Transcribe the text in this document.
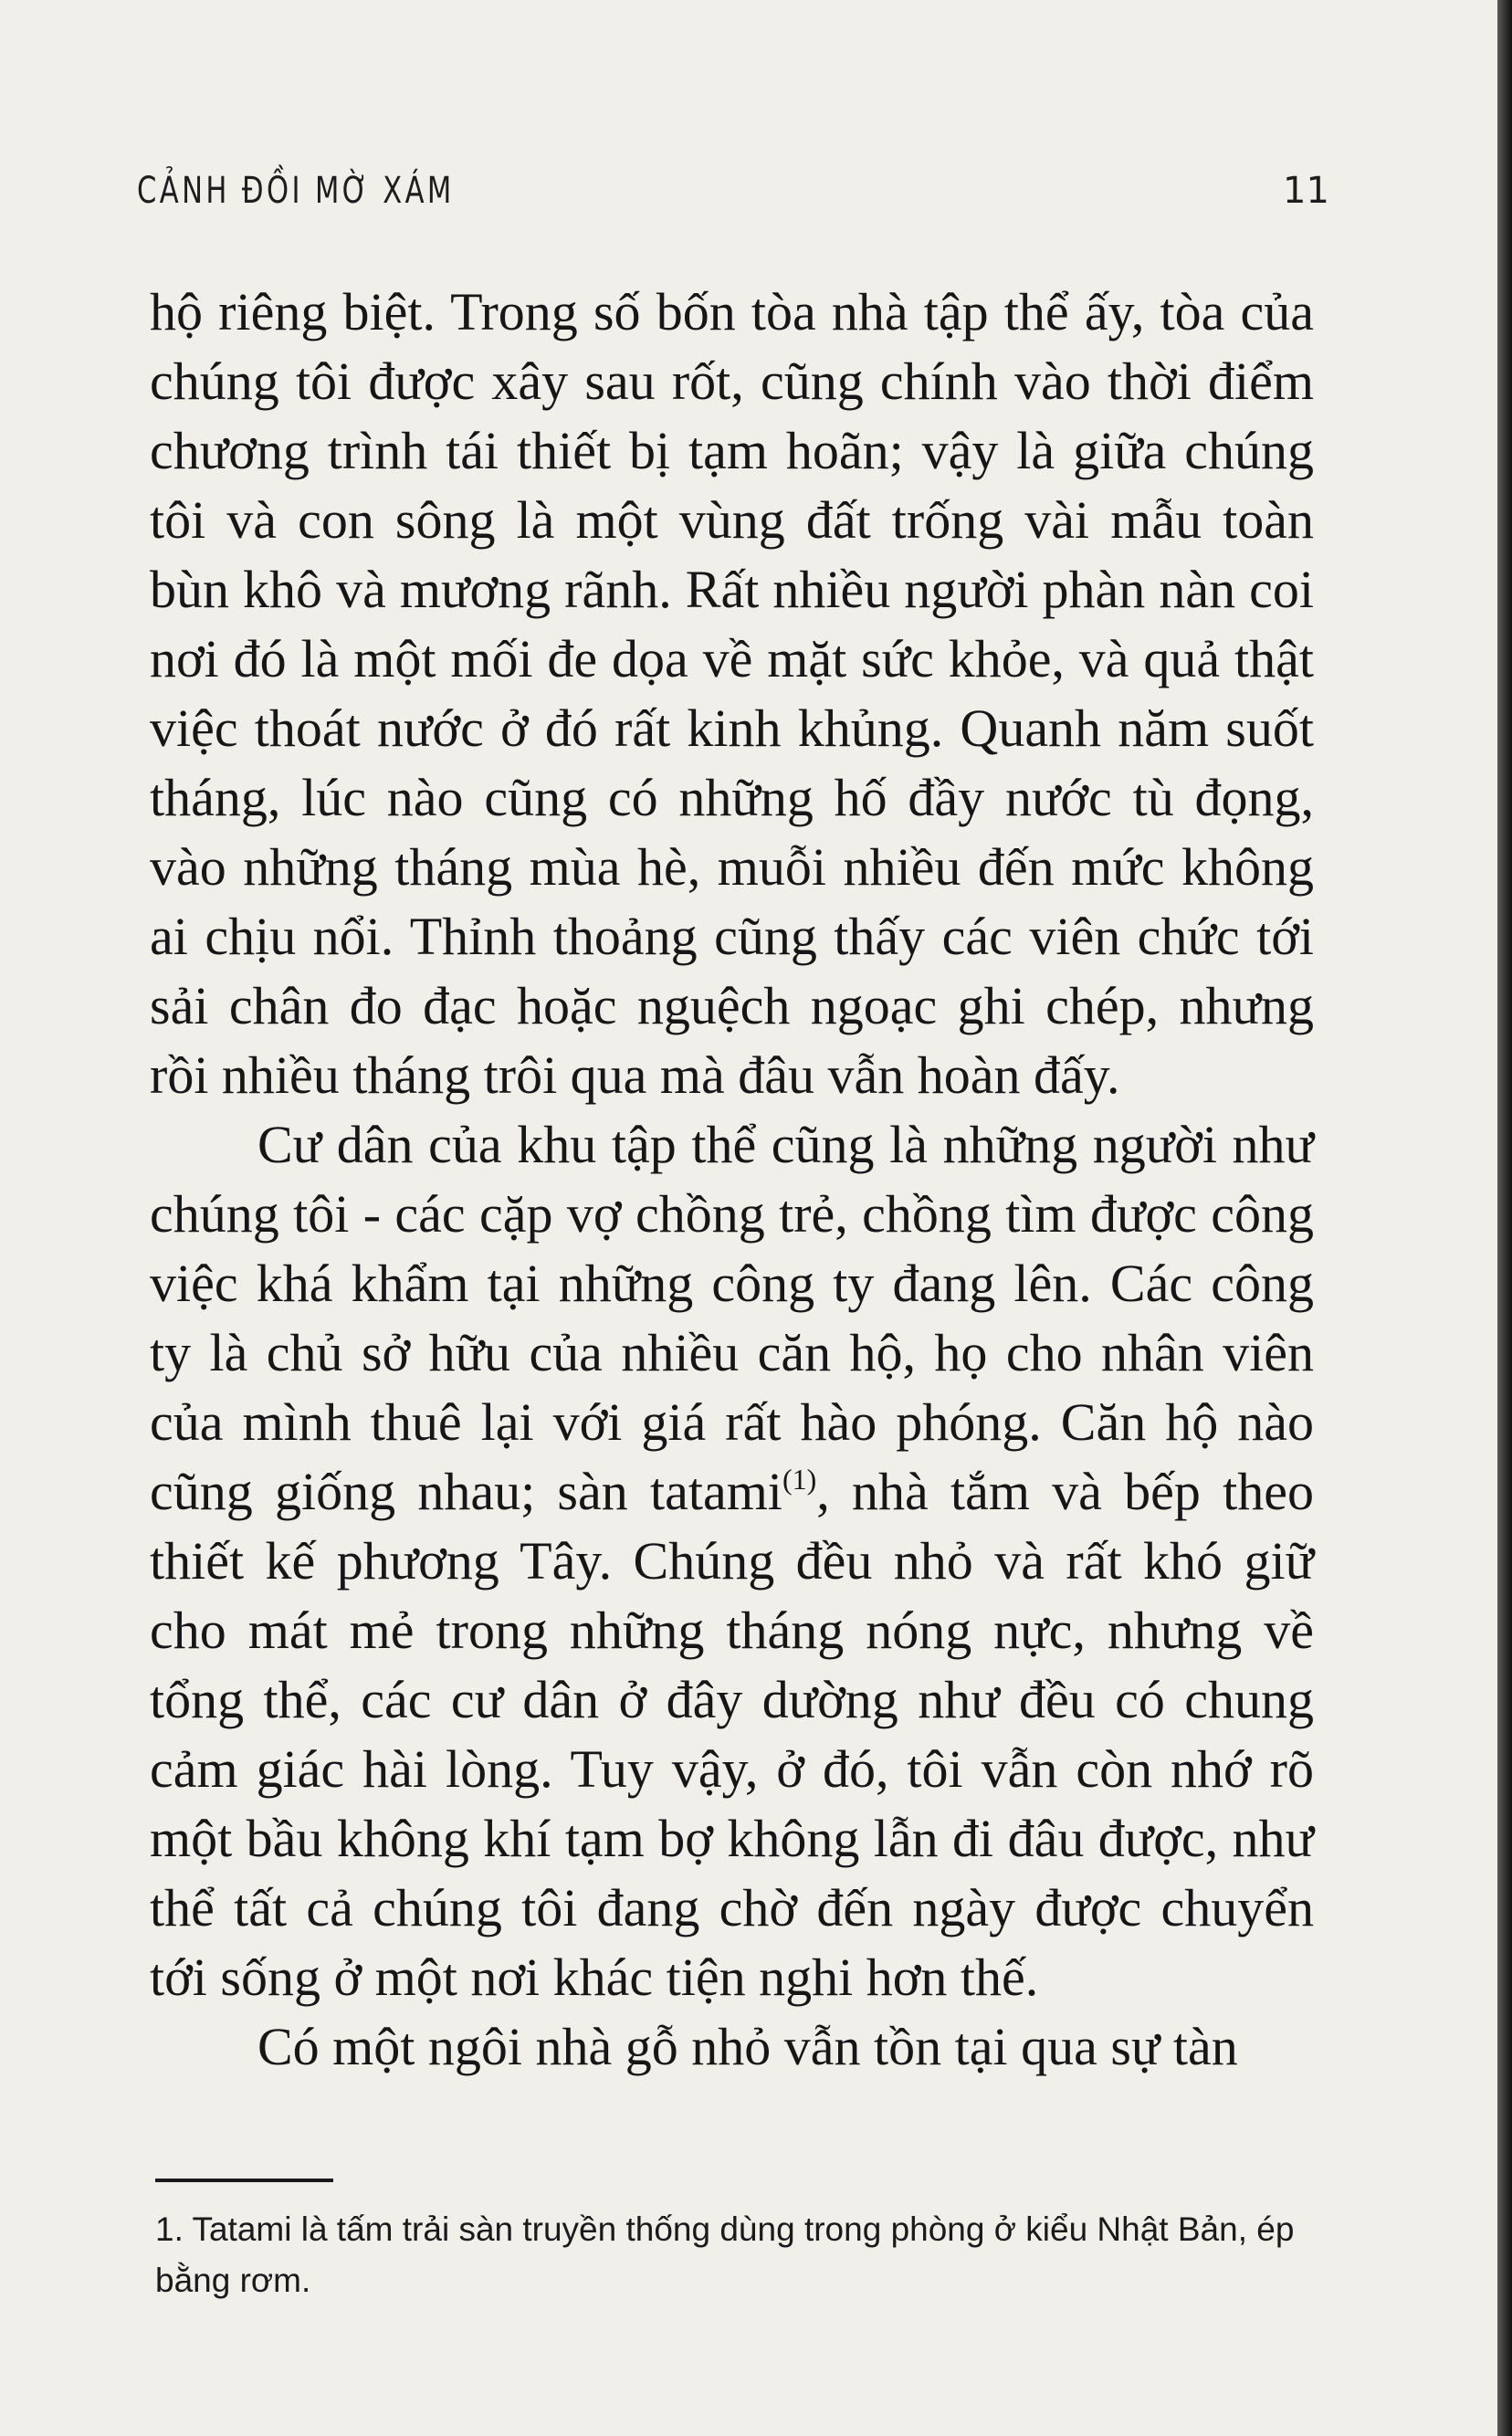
CẢNH ĐỒI MỜ XÁM	11

hộ riêng biệt. Trong số bốn tòa nhà tập thể ấy, tòa của chúng tôi được xây sau rốt, cũng chính vào thời điểm chương trình tái thiết bị tạm hoãn; vậy là giữa chúng tôi và con sông là một vùng đất trống vài mẫu toàn bùn khô và mương rãnh. Rất nhiều người phàn nàn coi nơi đó là một mối đe dọa về mặt sức khỏe, và quả thật việc thoát nước ở đó rất kinh khủng. Quanh năm suốt tháng, lúc nào cũng có những hố đầy nước tù đọng, vào những tháng mùa hè, muỗi nhiều đến mức không ai chịu nổi. Thỉnh thoảng cũng thấy các viên chức tới sải chân đo đạc hoặc nguệch ngoạc ghi chép, nhưng rồi nhiều tháng trôi qua mà đâu vẫn hoàn đấy.

Cư dân của khu tập thể cũng là những người như chúng tôi - các cặp vợ chồng trẻ, chồng tìm được công việc khá khẩm tại những công ty đang lên. Các công ty là chủ sở hữu của nhiều căn hộ, họ cho nhân viên của mình thuê lại với giá rất hào phóng. Căn hộ nào cũng giống nhau; sàn tatami$^{(1)}$, nhà tắm và bếp theo thiết kế phương Tây. Chúng đều nhỏ và rất khó giữ cho mát mẻ trong những tháng nóng nực, nhưng về tổng thể, các cư dân ở đây dường như đều có chung cảm giác hài lòng. Tuy vậy, ở đó, tôi vẫn còn nhớ rõ một bầu không khí tạm bợ không lẫn đi đâu được, như thể tất cả chúng tôi đang chờ đến ngày được chuyển tới sống ở một nơi khác tiện nghi hơn thế.

Có một ngôi nhà gỗ nhỏ vẫn tồn tại qua sự tàn

1. Tatami là tấm trải sàn truyền thống dùng trong phòng ở kiểu Nhật Bản, ép bằng rơm.
